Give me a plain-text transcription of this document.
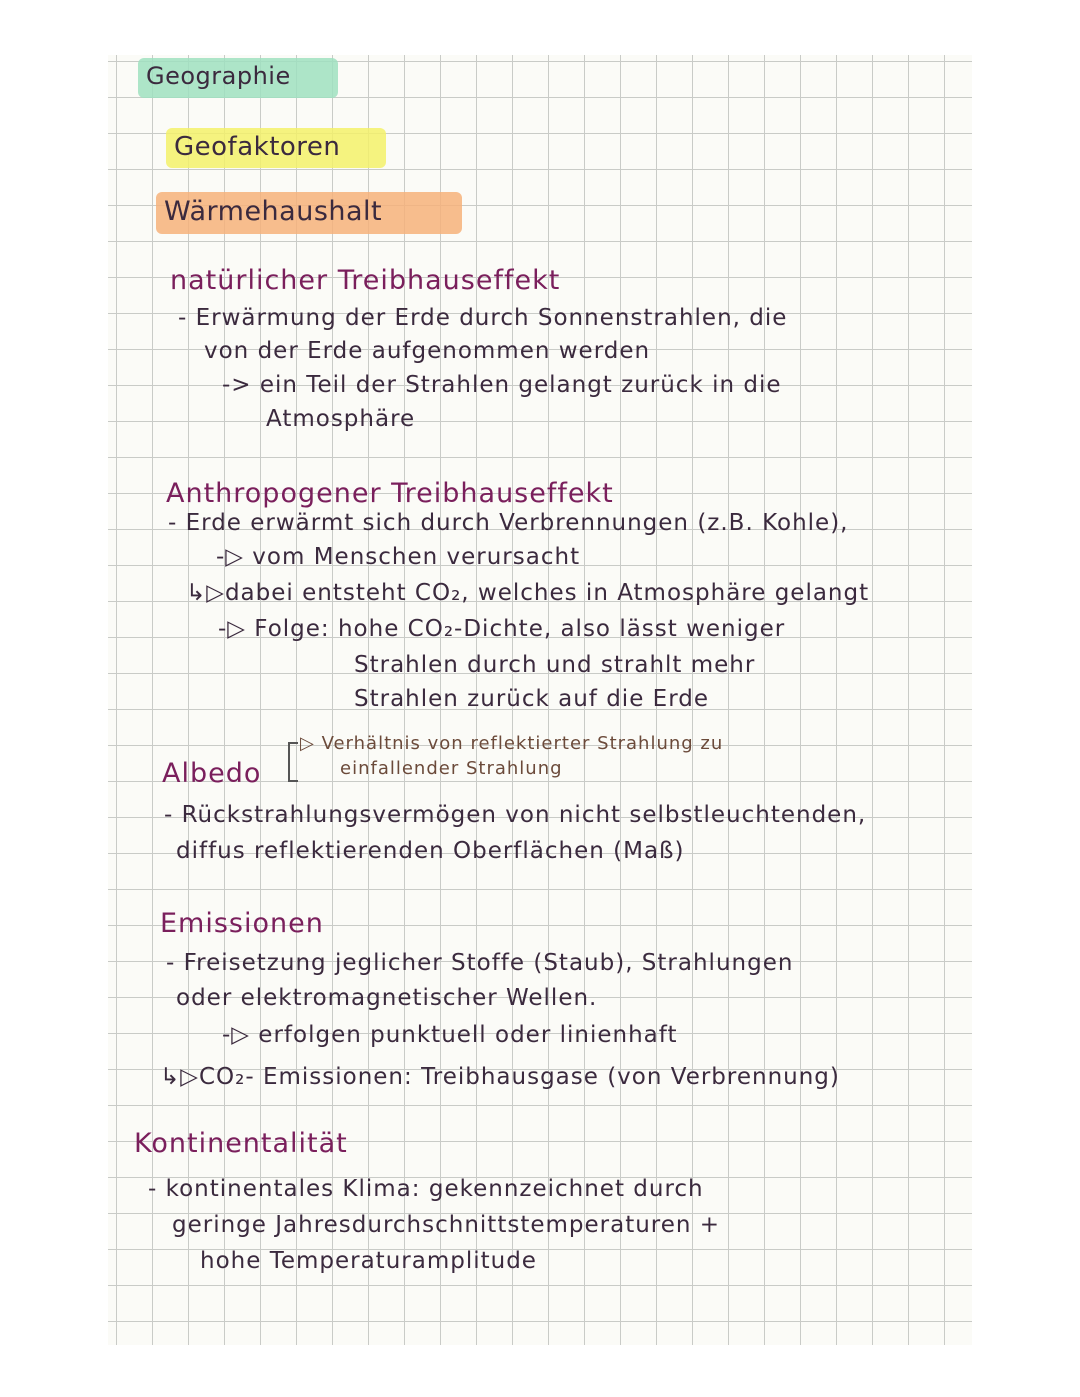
Geographie
Geofaktoren
Wärmehaushalt
natürlicher Treibhauseffekt
- Erwärmung der Erde durch Sonnenstrahlen, die
von der Erde aufgenommen werden
-> ein Teil der Strahlen gelangt zurück in die
Atmosphäre
Anthropogener Treibhauseffekt
- Erde erwärmt sich durch Verbrennungen (z.B. Kohle),
-▷ vom Menschen verursacht
↳▷dabei entsteht CO₂, welches in Atmosphäre gelangt
-▷ Folge: hohe CO₂-Dichte, also lässt weniger
Strahlen durch und strahlt mehr
Strahlen zurück auf die Erde
▷ Verhältnis von reflektierter Strahlung zu
einfallender Strahlung
Albedo
- Rückstrahlungsvermögen von nicht selbstleuchtenden,
diffus reflektierenden Oberflächen (Maß)
Emissionen
- Freisetzung jeglicher Stoffe (Staub), Strahlungen
oder elektromagnetischer Wellen.
-▷ erfolgen punktuell oder linienhaft
↳▷CO₂- Emissionen: Treibhausgase (von Verbrennung)
Kontinentalität
- kontinentales Klima: gekennzeichnet durch
geringe Jahresdurchschnittstemperaturen +
hohe Temperaturamplitude
